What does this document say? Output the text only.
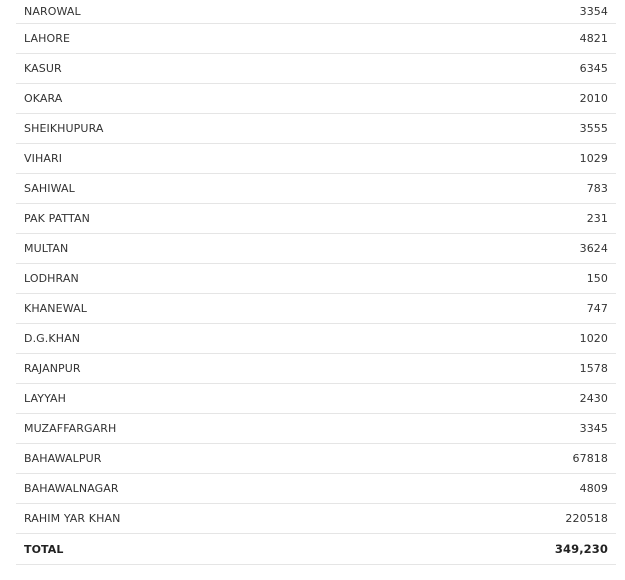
NAROWAL	3354
LAHORE	4821
KASUR	6345
OKARA	2010
SHEIKHUPURA	3555
VIHARI	1029
SAHIWAL	783
PAK PATTAN	231
MULTAN	3624
LODHRAN	150
KHANEWAL	747
D.G.KHAN	1020
RAJANPUR	1578
LAYYAH	2430
MUZAFFARGARH	3345
BAHAWALPUR	67818
BAHAWALNAGAR	4809
RAHIM YAR KHAN	220518
TOTAL	349,230
